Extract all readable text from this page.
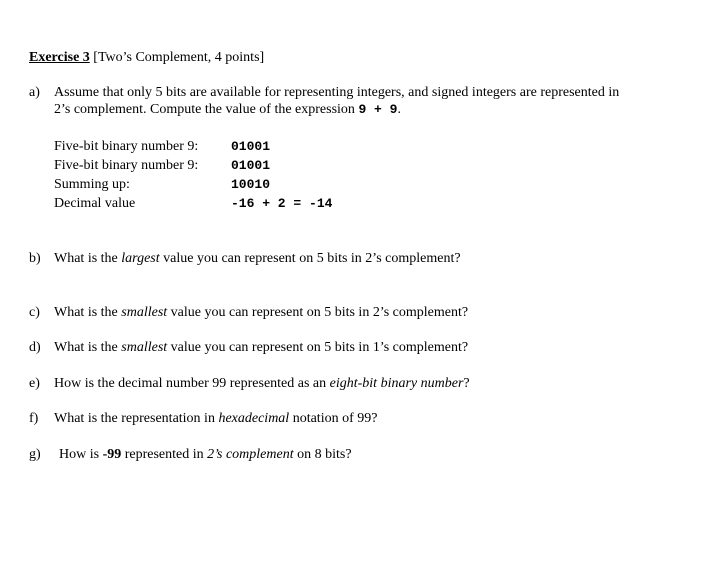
Exercise 3 [Two’s Complement, 4 points]
a) Assume that only 5 bits are available for representing integers, and signed integers are represented in
2’s complement. Compute the value of the expression 9 + 9.
Five-bit binary number 9:	01001
Five-bit binary number 9:	01001
Summing up:	10010
Decimal value	-16 + 2 = -14
b) What is the largest value you can represent on 5 bits in 2’s complement?
c) What is the smallest value you can represent on 5 bits in 2’s complement?
d) What is the smallest value you can represent on 5 bits in 1’s complement?
e) How is the decimal number 99 represented as an eight-bit binary number?
f) What is the representation in hexadecimal notation of 99?
g) How is -99 represented in 2’s complement on 8 bits?
